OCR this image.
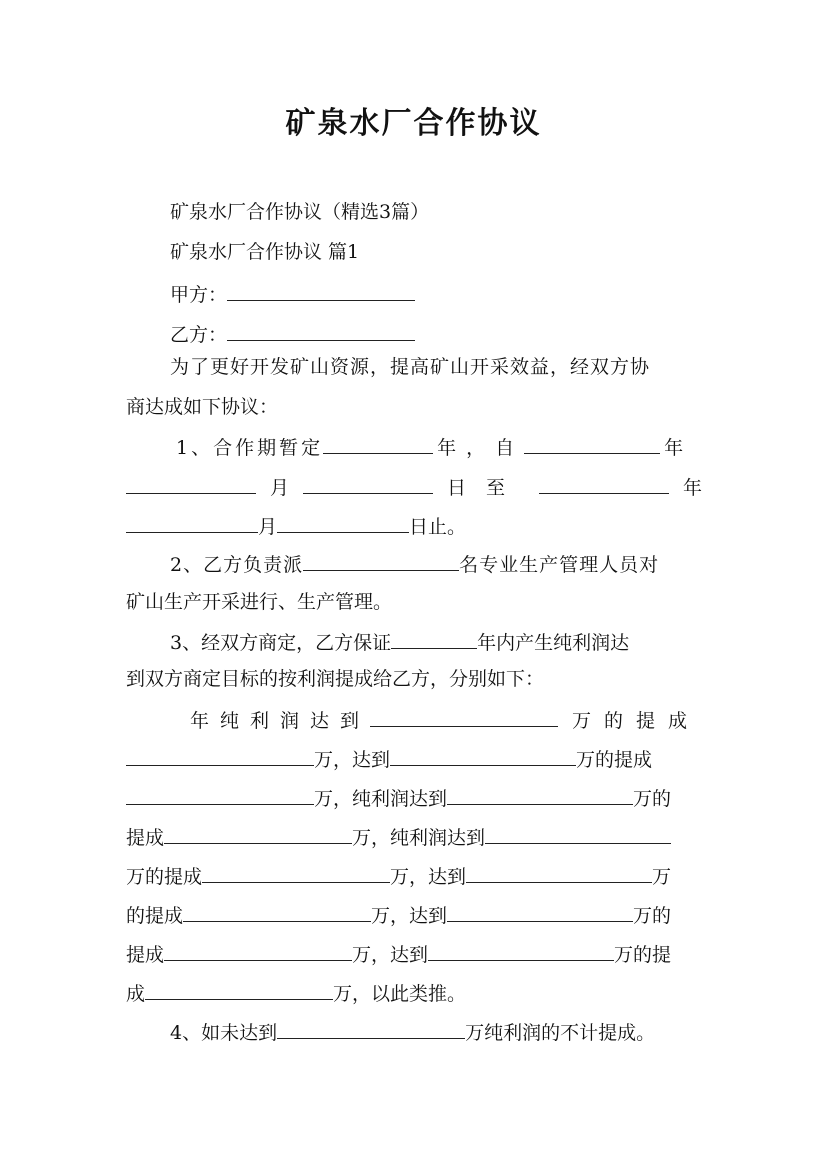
矿泉水厂合作协议
矿泉水厂合作协议（精选3篇）
矿泉水厂合作协议 篇1
甲方：
乙方：
为了更好开发矿山资源，提高矿山开采效益，经双方协
商达成如下协议：
1、合作期暂定	年，自	年
月	日至	年
月	日止。
2、乙方负责派	名专业生产管理人员对
矿山生产开采进行、生产管理。
3、经双方商定，乙方保证	年内产生纯利润达
到双方商定目标的按利润提成给乙方，分别如下：
年纯利润达到	万的提成
万，达到	万的提成
万，纯利润达到	万的
提成	万，纯利润达到
万的提成	万，达到	万
的提成	万，达到	万的
提成	万，达到	万的提
成	万，以此类推。
4、如未达到	万纯利润的不计提成。
